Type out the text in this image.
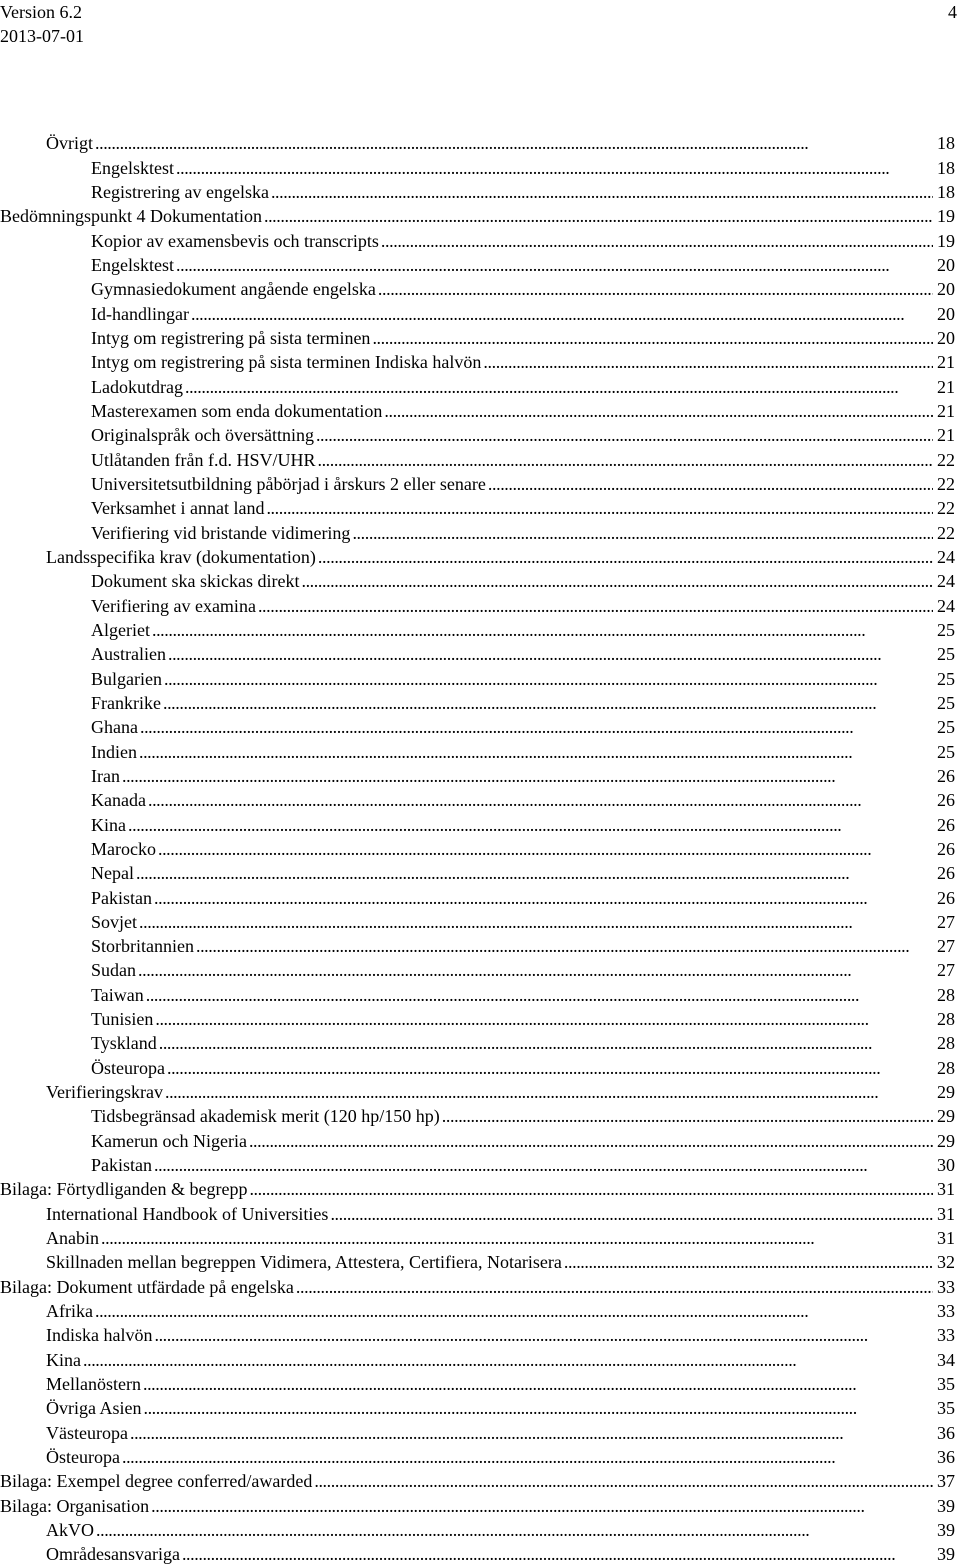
Version 6.2
2013-07-01
4
Övrigt . . .	18
Engelsktest . . .	18
Registrering av engelska . . .	18
Bedömningspunkt 4 Dokumentation . . .	19
Kopior av examensbevis och transcripts . . .	19
Engelsktest . . .	20
Gymnasiedokument angående engelska . . .	20
Id-handlingar . . .	20
Intyg om registrering på sista terminen . . .	20
Intyg om registrering på sista terminen Indiska halvön . . .	21
Ladokutdrag . . .	21
Masterexamen som enda dokumentation . . .	21
Originalspråk och översättning . . .	21
Utlåtanden från f.d. HSV/UHR . . .	22
Universitetsutbildning påbörjad i årskurs 2 eller senare . . .	22
Verksamhet i annat land . . .	22
Verifiering vid bristande vidimering . . .	22
Landsspecifika krav (dokumentation) . . .	24
Dokument ska skickas direkt . . .	24
Verifiering av examina . . .	24
Algeriet . . .	25
Australien . . .	25
Bulgarien . . .	25
Frankrike . . .	25
Ghana . . .	25
Indien . . .	25
Iran . . .	26
Kanada . . .	26
Kina . . .	26
Marocko . . .	26
Nepal . . .	26
Pakistan . . .	26
Sovjet . . .	27
Storbritannien . . .	27
Sudan . . .	27
Taiwan . . .	28
Tunisien . . .	28
Tyskland . . .	28
Östeuropa . . .	28
Verifieringskrav . . .	29
Tidsbegränsad akademisk merit (120 hp/150 hp) . . .	29
Kamerun och Nigeria . . .	29
Pakistan . . .	30
Bilaga: Förtydliganden & begrepp . . .	31
International Handbook of Universities . . .	31
Anabin . . .	31
Skillnaden mellan begreppen Vidimera, Attestera, Certifiera, Notarisera . . .	32
Bilaga: Dokument utfärdade på engelska . . .	33
Afrika . . .	33
Indiska halvön . . .	33
Kina . . .	34
Mellanöstern . . .	35
Övriga Asien . . .	35
Västeuropa . . .	36
Östeuropa . . .	36
Bilaga: Exempel degree conferred/awarded . . .	37
Bilaga: Organisation . . .	39
AkVO . . .	39
Områdesansvariga . . .	39
